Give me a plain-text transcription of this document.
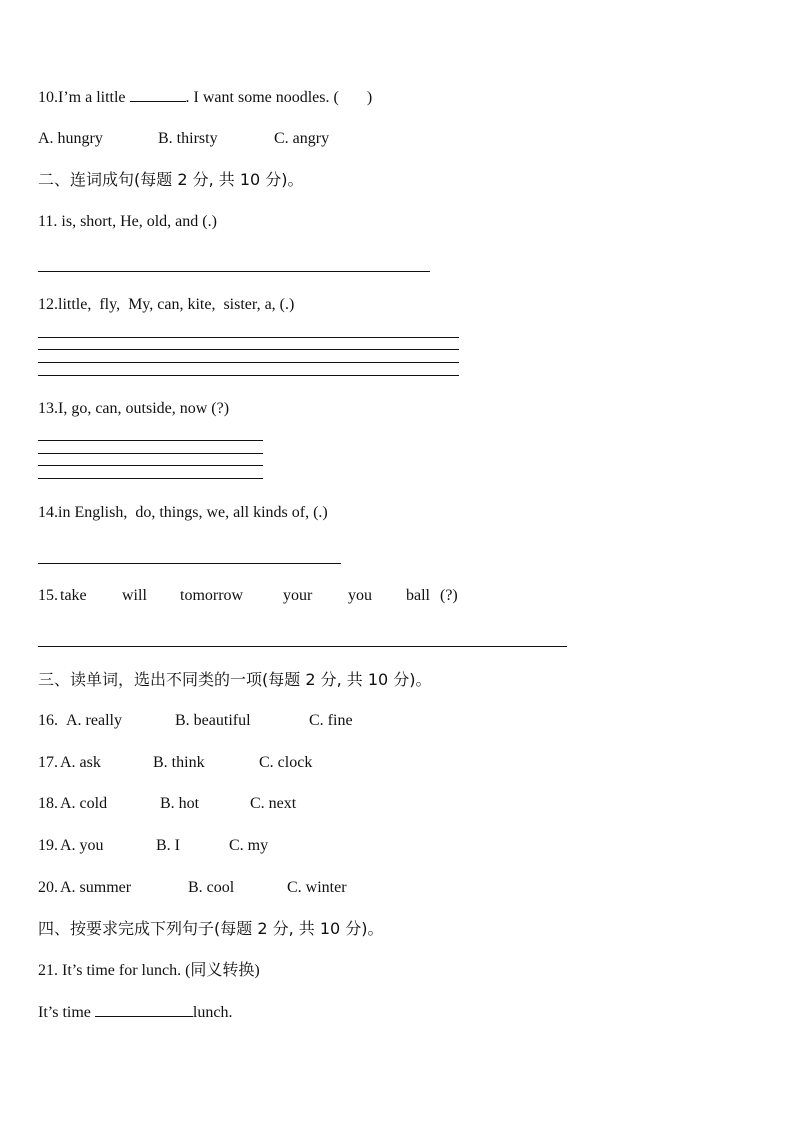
10.I’m a little	. I want some noodles. (       )
A. hungry	B. thirsty	C. angry
二、连词成句(每题 2 分, 共 10 分)。
11. is, short, He, old, and (.)
12.little,  fly,  My, can, kite,  sister, a, (.)
13.I, go, can, outside, now (?)
14.in English,  do, things, we, all kinds of, (.)
15. take will tomorrow your you ball (?)
三、读单词，选出不同类的一项(每题 2 分, 共 10 分)。
16. A. really	B. beautiful	C. fine
17. A. ask	B. think	C. clock
18. A. cold	B. hot	C. next
19. A. you	B. I	C. my
20. A. summer	B. cool	C. winter
四、按要求完成下列句子(每题 2 分, 共 10 分)。
21. It’s time for lunch. (同义转换)
It’s time	lunch.
